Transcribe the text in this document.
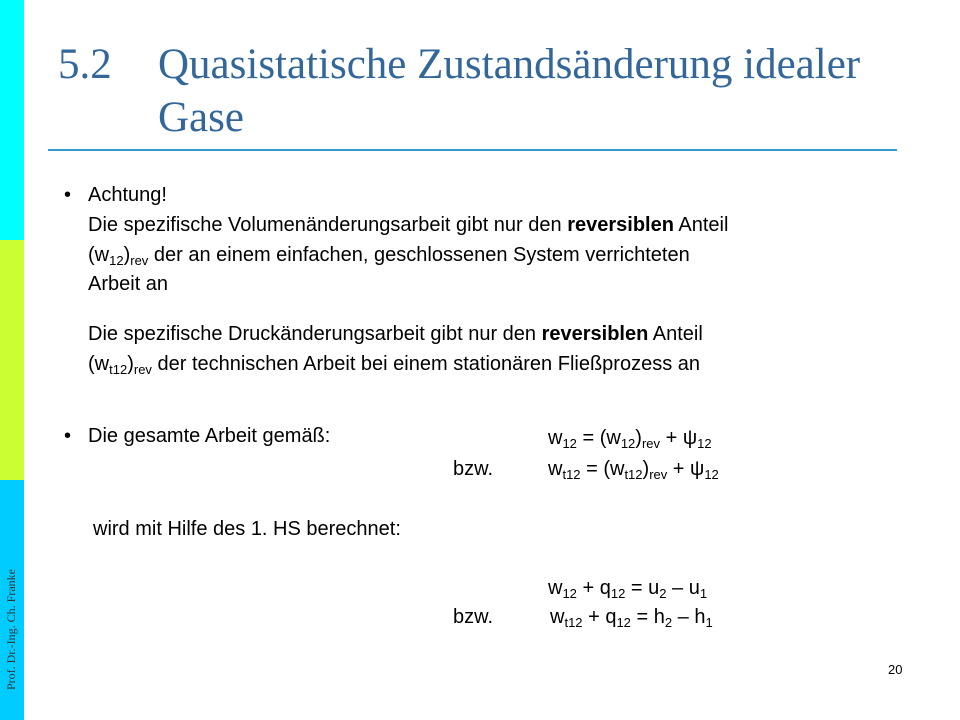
Prof. Dr.-Ing. Ch. Franke
5.2 Quasistatische Zustandsänderung idealer
Gase
• Achtung!
Die spezifische Volumenänderungsarbeit gibt nur den reversiblen Anteil
$(w_{12})_{rev}$ der an einem einfachen, geschlossenen System verrichteten
Arbeit an
Die spezifische Druckänderungsarbeit gibt nur den reversiblen Anteil
$(w_{t12})_{rev}$ der technischen Arbeit bei einem stationären Fließprozess an
• Die gesamte Arbeit gemäß:	$w_{12} = (w_{12})_{rev} + \psi_{12}$
bzw.	$w_{t12} = (w_{t12})_{rev} + \psi_{12}$
wird mit Hilfe des 1. HS berechnet:
$w_{12} + q_{12} = u_2 - u_1$
bzw.	$w_{t12} + q_{12} = h_2 - h_1$
20
